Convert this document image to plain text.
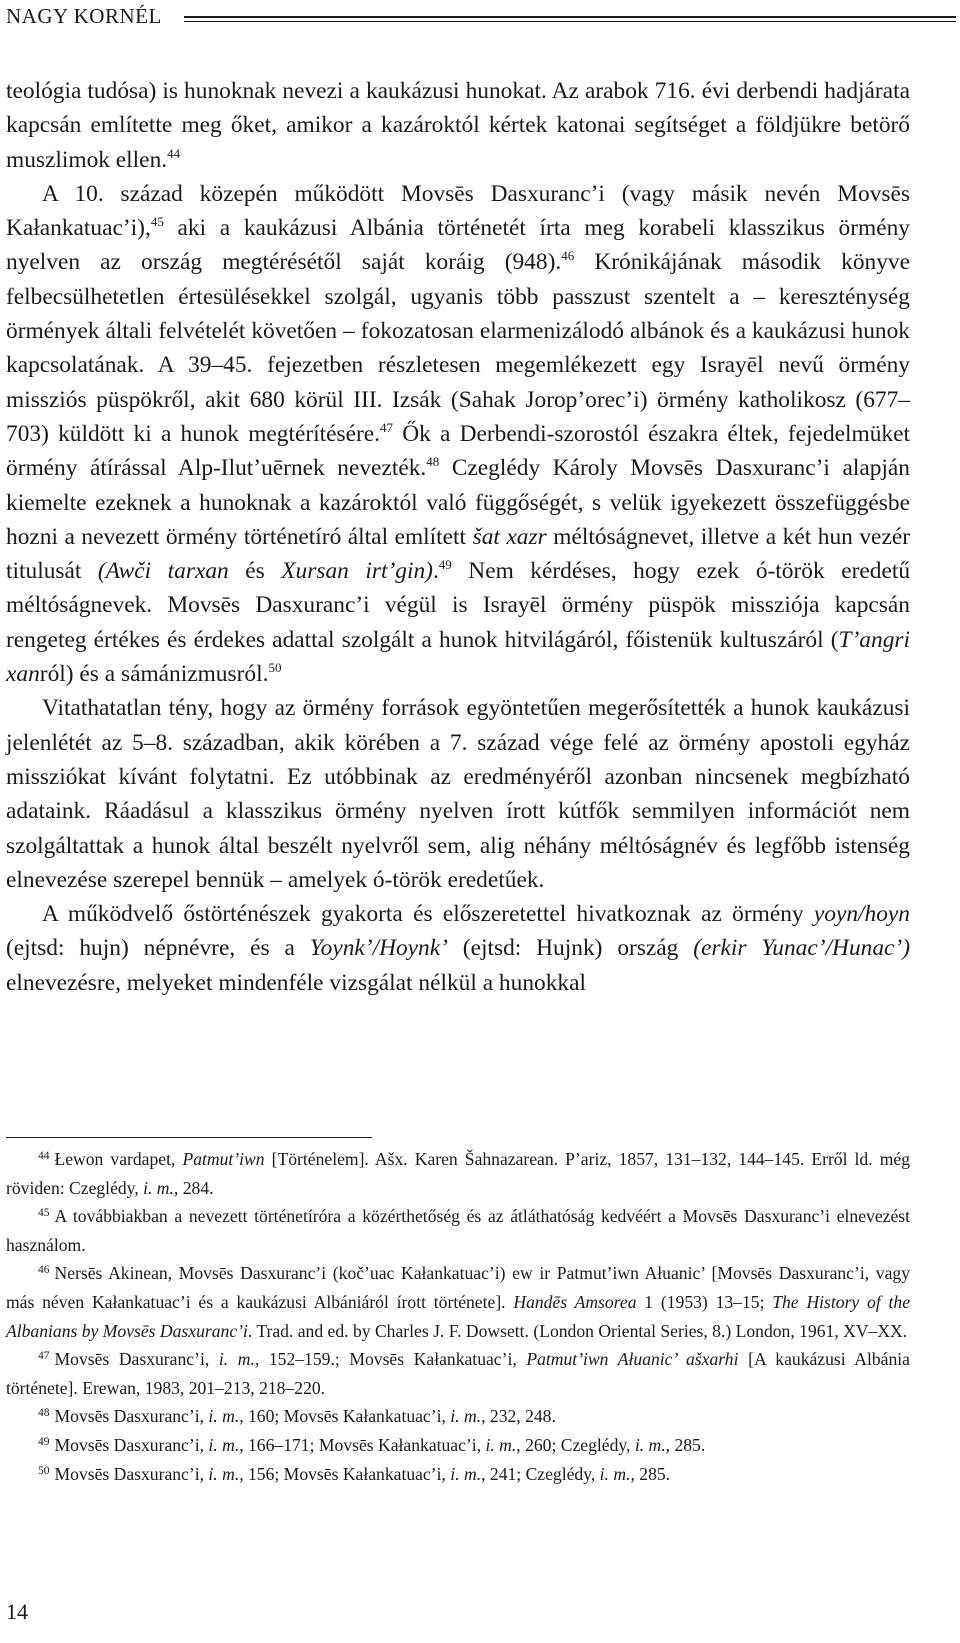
NAGY KORNÉL

teológia tudósa) is hunoknak nevezi a kaukázusi hunokat. Az arabok 716. évi derbendi hadjárata kapcsán említette meg őket, amikor a kazároktól kértek katonai segítséget a földjükre betörő muszlimok ellen.$^{44}$

A 10. század közepén működött Movsēs Dasxuranc’i (vagy másik nevén Movsēs Kałankatuac’i),$^{45}$ aki a kaukázusi Albánia történetét írta meg korabeli klasszikus örmény nyelven az ország megtérésétől saját koráig (948).$^{46}$ Krónikájának második könyve felbecsülhetetlen értesülésekkel szolgál, ugyanis több passzust szentelt a – kereszténység örmények általi felvételét követően – fokozatosan elarmenizálodó albánok és a kaukázusi hunok kapcsolatának. A 39–45. fejezetben részletesen megemlékezett egy Israyēl nevű örmény missziós püspökről, akit 680 körül III. Izsák (Sahak Jorop’orec’i) örmény katholikosz (677–703) küldött ki a hunok megtérítésére.$^{47}$ Ők a Derbendi-szorostól északra éltek, fejedelmüket örmény átírással Alp-Ilut’uērnek nevezték.$^{48}$ Czeglédy Károly Movsēs Dasxuranc’i alapján kiemelte ezeknek a hunoknak a kazároktól való függőségét, s velük igyekezett összefüggésbe hozni a nevezett örmény történetíró által említett šat xazr méltóságnevet, illetve a két hun vezér titulusát (Awči tarxan és Xursan irt’gin).$^{49}$ Nem kérdéses, hogy ezek ó-török eredetű méltóságnevek. Movsēs Dasxuranc’i végül is Israyēl örmény püspök missziója kapcsán rengeteg értékes és érdekes adattal szolgált a hunok hitvilágáról, főistenük kultuszáról (T’angri xanról) és a sámánizmusról.$^{50}$

Vitathatatlan tény, hogy az örmény források egyöntetűen megerősítették a hunok kaukázusi jelenlétét az 5–8. században, akik körében a 7. század vége felé az örmény apostoli egyház missziókat kívánt folytatni. Ez utóbbinak az eredményéről azonban nincsenek megbízható adataink. Ráadásul a klasszikus örmény nyelven írott kútfők semmilyen információt nem szolgáltattak a hunok által beszélt nyelvről sem, alig néhány méltóságnév és legfőbb istenség elnevezése szerepel bennük – amelyek ó-török eredetűek.

A működvelő őstörténészek gyakorta és előszeretettel hivatkoznak az örmény yoyn/hoyn (ejtsd: hujn) népnévre, és a Yoynk’/Hoynk’ (ejtsd: Hujnk) ország (erkir Yunac’/Hunac’) elnevezésre, melyeket mindenféle vizsgálat nélkül a hunokkal

$^{44}$ Łewon vardapet, Patmut’iwn [Történelem]. Ašx. Karen Šahnazarean. P’ariz, 1857, 131–132, 144–145. Erről ld. még röviden: Czeglédy, i. m., 284.

$^{45}$ A továbbiakban a nevezett történetíróra a közérthetőség és az átláthatóság kedvéért a Movsēs Dasxuranc’i elnevezést használom.

$^{46}$ Nersēs Akinean, Movsēs Dasxuranc’i (koč’uac Kałankatuac’i) ew ir Patmut’iwn Ałuanic’ [Movsēs Dasxuranc’i, vagy más néven Kałankatuac’i és a kaukázusi Albániáról írott története]. Handēs Amsorea 1 (1953) 13–15; The History of the Albanians by Movsēs Dasxuranc’i. Trad. and ed. by Charles J. F. Dowsett. (London Oriental Series, 8.) London, 1961, XV–XX.

$^{47}$ Movsēs Dasxuranc’i, i. m., 152–159.; Movsēs Kałankatuac’i, Patmut’iwn Ałuanic’ ašxarhi [A kaukázusi Albánia története]. Erewan, 1983, 201–213, 218–220.

$^{48}$ Movsēs Dasxuranc’i, i. m., 160; Movsēs Kałankatuac’i, i. m., 232, 248.

$^{49}$ Movsēs Dasxuranc’i, i. m., 166–171; Movsēs Kałankatuac’i, i. m., 260; Czeglédy, i. m., 285.

$^{50}$ Movsēs Dasxuranc’i, i. m., 156; Movsēs Kałankatuac’i, i. m., 241; Czeglédy, i. m., 285.

14
